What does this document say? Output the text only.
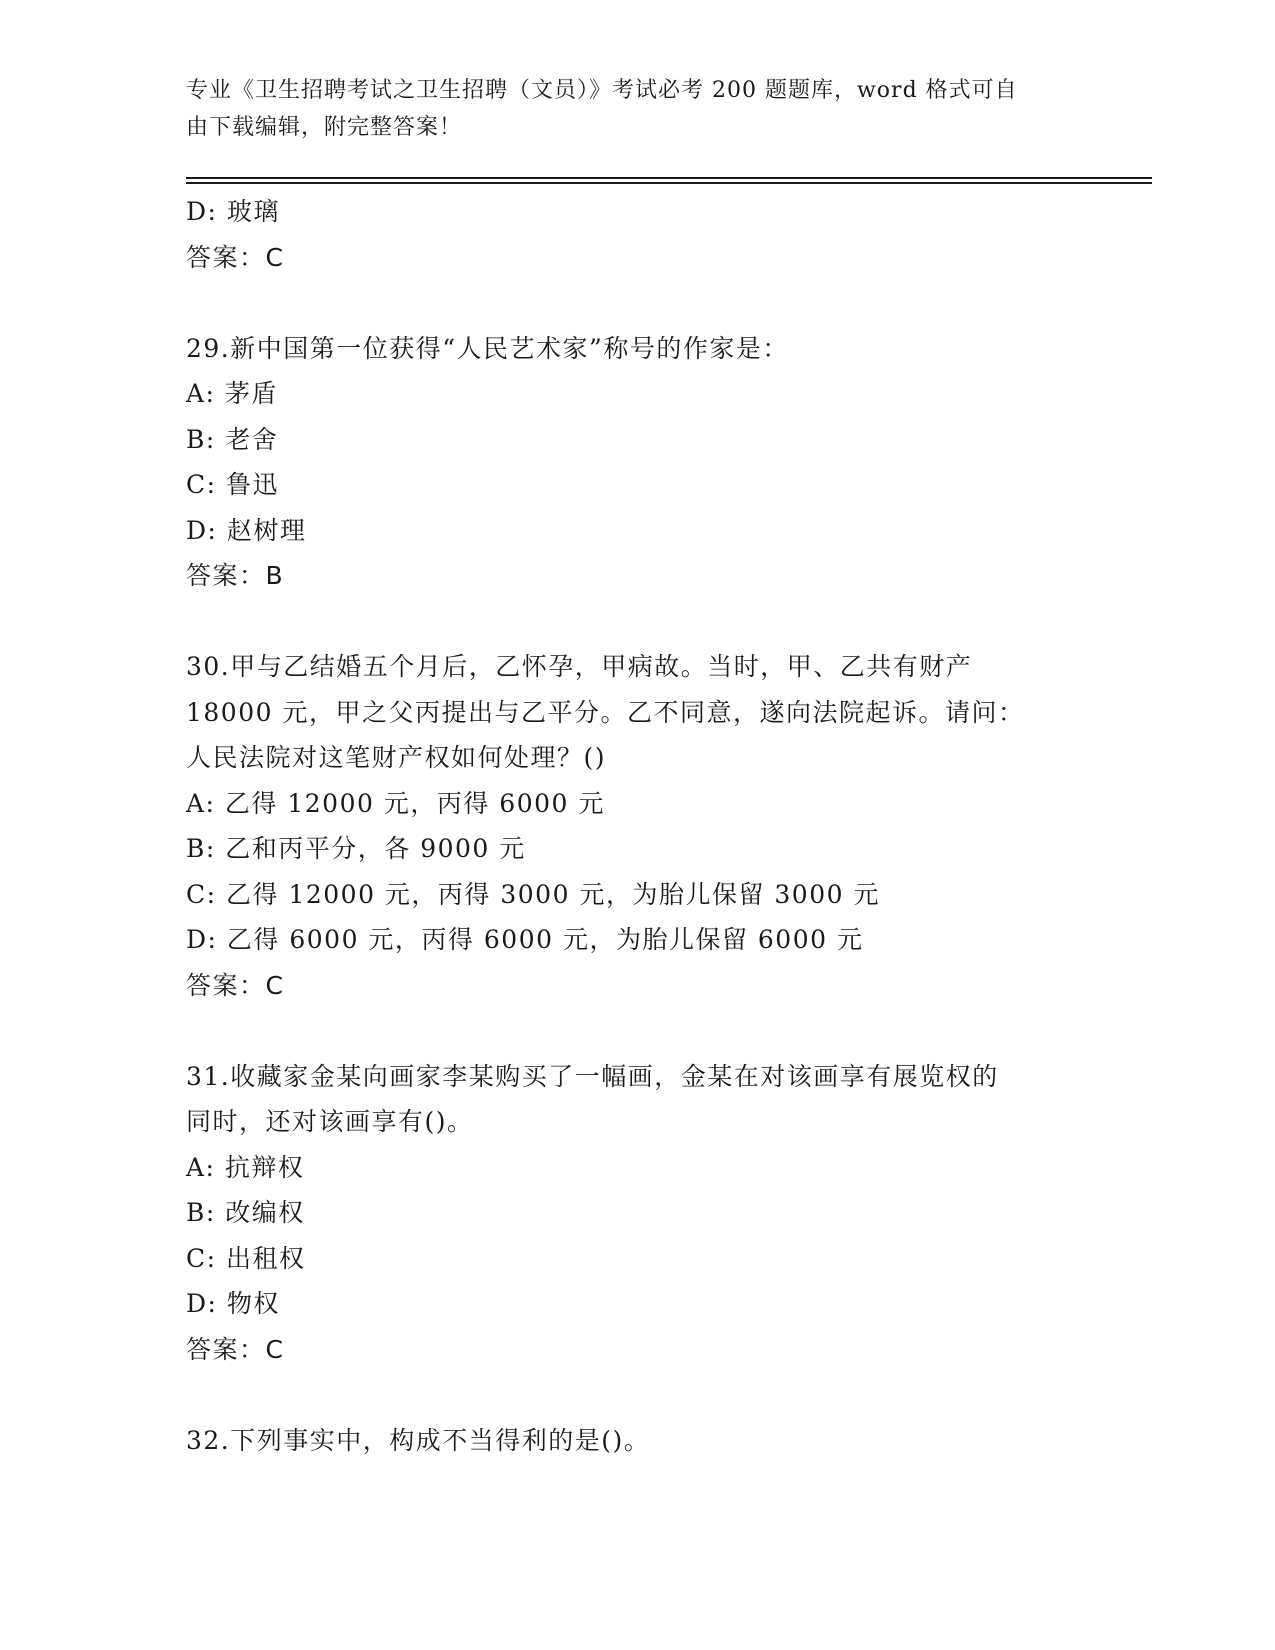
专业《卫生招聘考试之卫生招聘（文员）》考试必考 200 题题库，word 格式可自
由下载编辑，附完整答案！
D: 玻璃
答案：C
29.新中国第一位获得“人民艺术家”称号的作家是：
A: 茅盾
B: 老舍
C: 鲁迅
D: 赵树理
答案：B
30.甲与乙结婚五个月后，乙怀孕，甲病故。当时，甲、乙共有财产
18000 元，甲之父丙提出与乙平分。乙不同意，遂向法院起诉。请问：
人民法院对这笔财产权如何处理？()
A: 乙得 12000 元，丙得 6000 元
B: 乙和丙平分，各 9000 元
C: 乙得 12000 元，丙得 3000 元，为胎儿保留 3000 元
D: 乙得 6000 元，丙得 6000 元，为胎儿保留 6000 元
答案：C
31.收藏家金某向画家李某购买了一幅画，金某在对该画享有展览权的
同时，还对该画享有()。
A: 抗辩权
B: 改编权
C: 出租权
D: 物权
答案：C
32.下列事实中，构成不当得利的是()。
